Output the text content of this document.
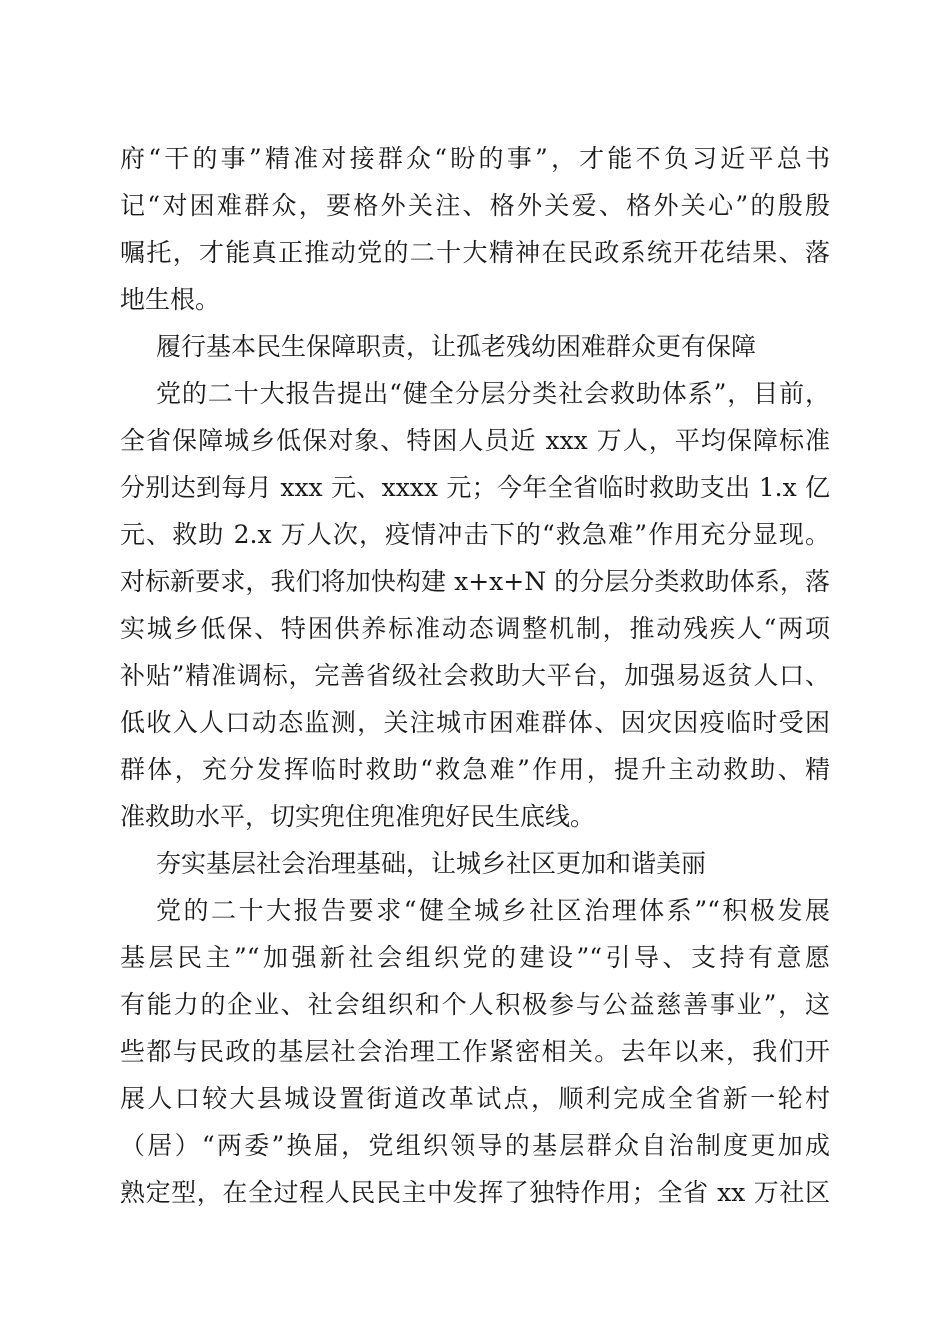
府“干的事”精准对接群众“盼的事”，才能不负习近平总书
记“对困难群众，要格外关注、格外关爱、格外关心”的殷殷
嘱托，才能真正推动党的二十大精神在民政系统开花结果、落
地生根。
履行基本民生保障职责，让孤老残幼困难群众更有保障
党的二十大报告提出“健全分层分类社会救助体系”，目前，
全省保障城乡低保对象、特困人员近 xxx 万人，平均保障标准
分别达到每月 xxx 元、xxxx 元；今年全省临时救助支出 1.x 亿
元、救助 2.x 万人次，疫情冲击下的“救急难”作用充分显现。
对标新要求，我们将加快构建 x+x+N 的分层分类救助体系，落
实城乡低保、特困供养标准动态调整机制，推动残疾人“两项
补贴”精准调标，完善省级社会救助大平台，加强易返贫人口、
低收入人口动态监测，关注城市困难群体、因灾因疫临时受困
群体，充分发挥临时救助“救急难”作用，提升主动救助、精
准救助水平，切实兜住兜准兜好民生底线。
夯实基层社会治理基础，让城乡社区更加和谐美丽
党的二十大报告要求“健全城乡社区治理体系”“积极发展
基层民主”“加强新社会组织党的建设”“引导、支持有意愿
有能力的企业、社会组织和个人积极参与公益慈善事业”，这
些都与民政的基层社会治理工作紧密相关。去年以来，我们开
展人口较大县城设置街道改革试点，顺利完成全省新一轮村
（居）“两委”换届，党组织领导的基层群众自治制度更加成
熟定型，在全过程人民民主中发挥了独特作用；全省 xx 万社区
